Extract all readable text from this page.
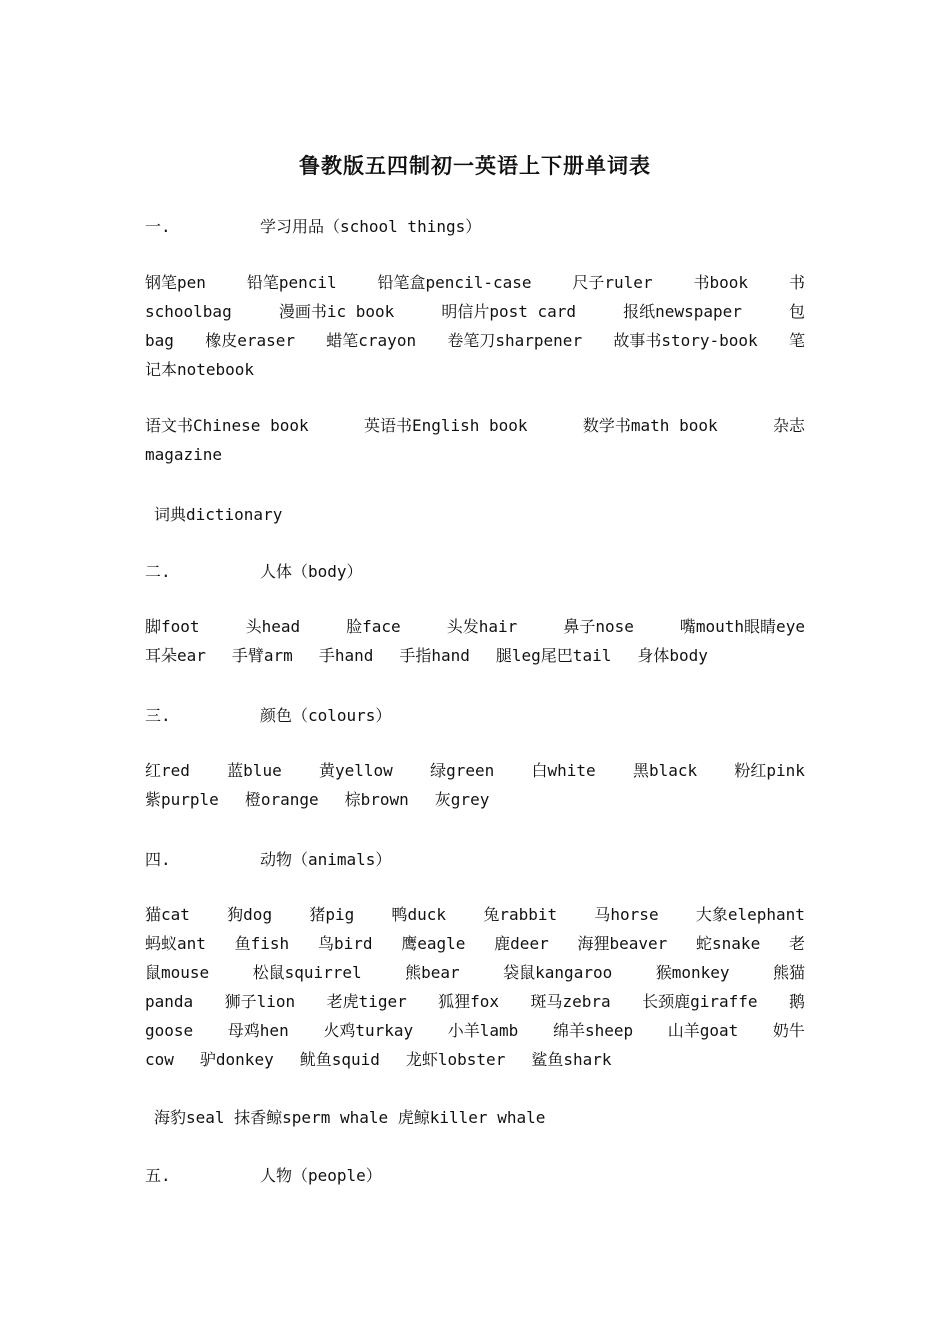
鲁教版五四制初一英语上下册单词表
一.	学习用品（school things）
钢笔pen	铅笔pencil	铅笔盒pencil-case	尺子ruler	书book	书
schoolbag	漫画书ic book	明信片post card	报纸newspaper	包
bag 橡皮eraser 蜡笔crayon 卷笔刀sharpener 故事书story-book 笔
记本notebook
语文书Chinese book	英语书English book	数学书math book	杂志
magazine
词典dictionary
二.	人体（body）
脚foot	头head	脸face	头发hair	鼻子nose	嘴mouth眼睛eye
耳朵ear 手臂arm 手hand 手指hand 腿leg尾巴tail 身体body
三.	颜色（colours）
红red 蓝blue 黄yellow 绿green 白white 黑black 粉红pink
紫purple 橙orange 棕brown 灰grey
四.	动物（animals）
猫cat 狗dog 猪pig 鸭duck 兔rabbit 马horse 大象elephant
蚂蚁ant 鱼fish 鸟bird 鹰eagle 鹿deer 海狸beaver 蛇snake 老
鼠mouse	松鼠squirrel	熊bear	袋鼠kangaroo	猴monkey	熊猫
panda 狮子lion 老虎tiger 狐狸fox 斑马zebra 长颈鹿giraffe 鹅
goose 母鸡hen 火鸡turkay 小羊lamb 绵羊sheep 山羊goat 奶牛
cow 驴donkey 鱿鱼squid 龙虾lobster 鲨鱼shark
海豹seal 抹香鲸sperm whale 虎鲸killer whale
五.	人物（people）
